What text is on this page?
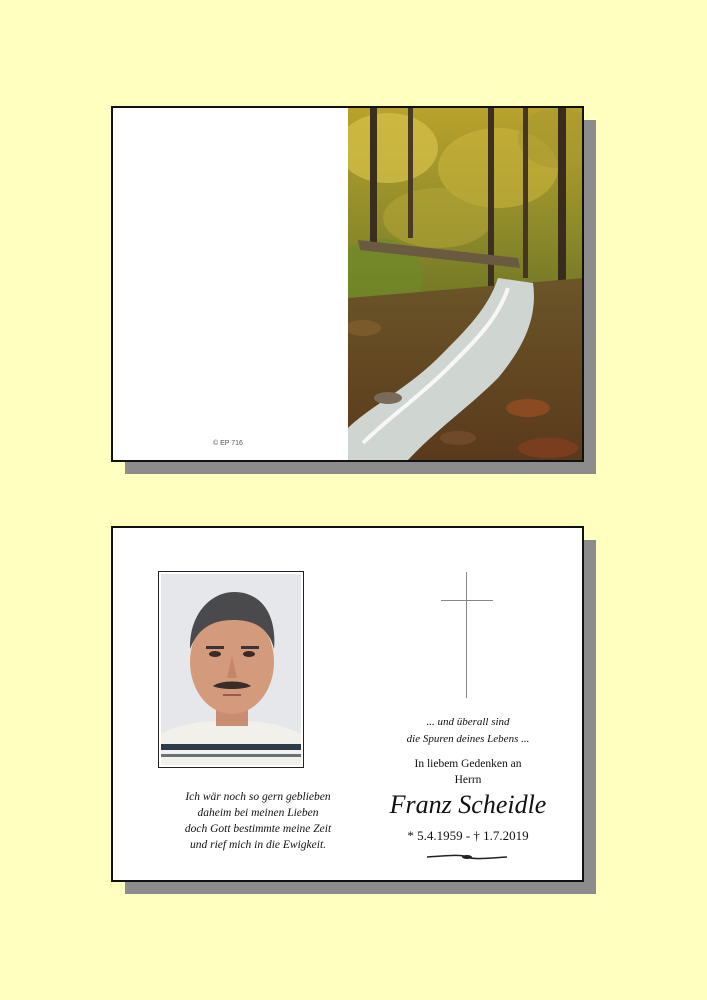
© EP 716
Ich wär noch so gern geblieben
daheim bei meinen Lieben
doch Gott bestimmte meine Zeit
und rief mich in die Ewigkeit.
... und überall sind
die Spuren deines Lebens ...
In liebem Gedenken an
Herrn
Franz Scheidle
* 5.4.1959 - † 1.7.2019
